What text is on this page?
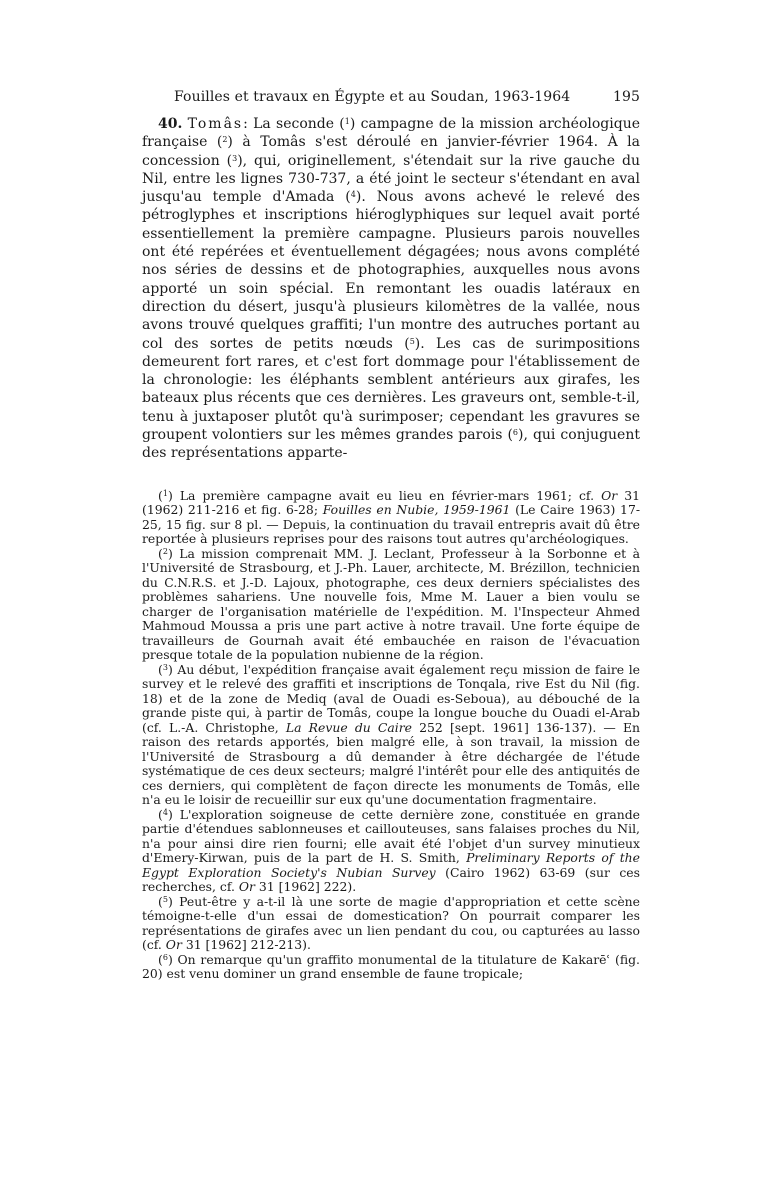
Fouilles et travaux en Égypte et au Soudan, 1963-1964	195

40. Tomâs: La seconde ($^1$) campagne de la mission archéologique française ($^2$) à Tomâs s'est déroulé en janvier-février 1964. À la concession ($^3$), qui, originellement, s'étendait sur la rive gauche du Nil, entre les lignes 730-737, a été joint le secteur s'étendant en aval jusqu'au temple d'Amada ($^4$). Nous avons achevé le relevé des pétroglyphes et inscriptions hiéroglyphiques sur lequel avait porté essentiellement la première campagne. Plusieurs parois nouvelles ont été repérées et éventuellement dégagées; nous avons complété nos séries de dessins et de photographies, auxquelles nous avons apporté un soin spécial. En remontant les ouadis latéraux en direction du désert, jusqu'à plusieurs kilomètres de la vallée, nous avons trouvé quelques graffiti; l'un montre des autruches portant au col des sortes de petits nœuds ($^5$). Les cas de surimpositions demeurent fort rares, et c'est fort dommage pour l'établissement de la chronologie: les éléphants semblent antérieurs aux girafes, les bateaux plus récents que ces dernières. Les graveurs ont, semble-t-il, tenu à juxtaposer plutôt qu'à surimposer; cependant les gravures se groupent volontiers sur les mêmes grandes parois ($^6$), qui conjuguent des représentations apparte-

($^1$) La première campagne avait eu lieu en février-mars 1961; cf. Or 31 (1962) 211-216 et fig. 6-28; Fouilles en Nubie, 1959-1961 (Le Caire 1963) 17-25, 15 fig. sur 8 pl. — Depuis, la continuation du travail entrepris avait dû être reportée à plusieurs reprises pour des raisons tout autres qu'archéologiques.

($^2$) La mission comprenait MM. J. Leclant, Professeur à la Sorbonne et à l'Université de Strasbourg, et J.-Ph. Lauer, architecte, M. Brézillon, technicien du C.N.R.S. et J.-D. Lajoux, photographe, ces deux derniers spécialistes des problèmes sahariens. Une nouvelle fois, Mme M. Lauer a bien voulu se charger de l'organisation matérielle de l'expédition. M. l'Inspecteur Ahmed Mahmoud Moussa a pris une part active à notre travail. Une forte équipe de travailleurs de Gournah avait été embauchée en raison de l'évacuation presque totale de la population nubienne de la région.

($^3$) Au début, l'expédition française avait également reçu mission de faire le survey et le relevé des graffiti et inscriptions de Tonqala, rive Est du Nil (fig. 18) et de la zone de Mediq (aval de Ouadi es-Seboua), au débouché de la grande piste qui, à partir de Tomâs, coupe la longue bouche du Ouadi el-Arab (cf. L.-A. Christophe, La Revue du Caire 252 [sept. 1961] 136-137). — En raison des retards apportés, bien malgré elle, à son travail, la mission de l'Université de Strasbourg a dû demander à être déchargée de l'étude systématique de ces deux secteurs; malgré l'intérêt pour elle des antiquités de ces derniers, qui complètent de façon directe les monuments de Tomâs, elle n'a eu le loisir de recueillir sur eux qu'une documentation fragmentaire.

($^4$) L'exploration soigneuse de cette dernière zone, constituée en grande partie d'étendues sablonneuses et caillouteuses, sans falaises proches du Nil, n'a pour ainsi dire rien fourni; elle avait été l'objet d'un survey minutieux d'Emery-Kirwan, puis de la part de H. S. Smith, Preliminary Reports of the Egypt Exploration Society's Nubian Survey (Cairo 1962) 63-69 (sur ces recherches, cf. Or 31 [1962] 222).

($^5$) Peut-être y a-t-il là une sorte de magie d'appropriation et cette scène témoigne-t-elle d'un essai de domestication? On pourrait comparer les représentations de girafes avec un lien pendant du cou, ou capturées au lasso (cf. Or 31 [1962] 212-213).

($^6$) On remarque qu'un graffito monumental de la titulature de Kakarēʿ (fig. 20) est venu dominer un grand ensemble de faune tropicale;
